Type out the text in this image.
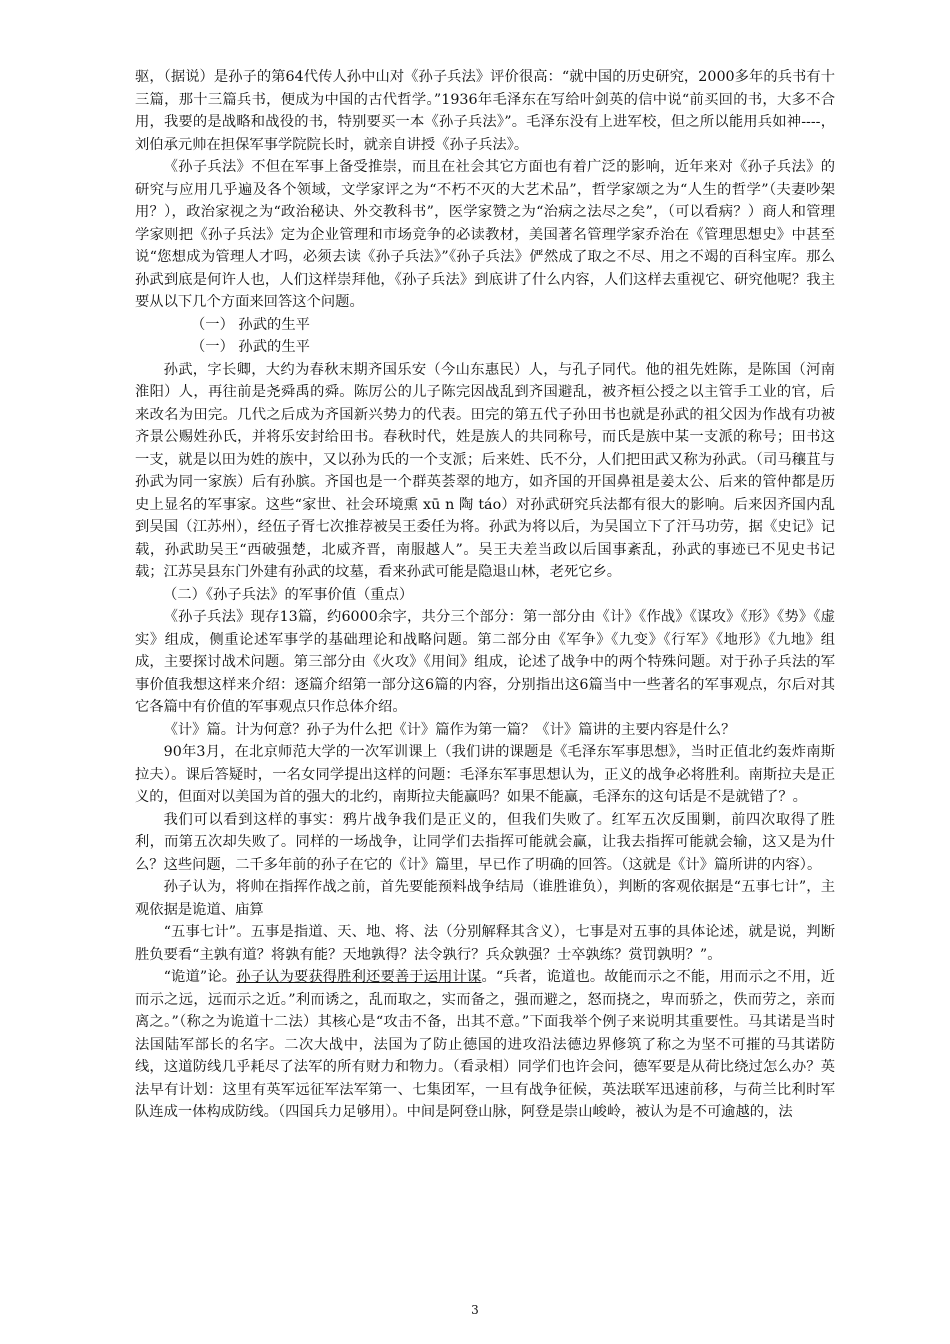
驱，（据说）是孙子的第64代传人孙中山对《孙子兵法》评价很高：“就中国的历史研究，2000多年的兵书有十三篇，那十三篇兵书，便成为中国的古代哲学。”1936年毛泽东在写给叶剑英的信中说“前买回的书，大多不合用，我要的是战略和战役的书，特别要买一本《孙子兵法》”。毛泽东没有上进军校，但之所以能用兵如神----，刘伯承元帅在担保军事学院院长时，就亲自讲授《孙子兵法》。

《孙子兵法》不但在军事上备受推崇，而且在社会其它方面也有着广泛的影响，近年来对《孙子兵法》的研究与应用几乎遍及各个领域，文学家评之为“不朽不灭的大艺术品”，哲学家颂之为“人生的哲学”（夫妻吵架用？），政治家视之为“政治秘诀、外交教科书”，医学家赞之为“治病之法尽之矣”，（可以看病？）商人和管理学家则把《孙子兵法》定为企业管理和市场竞争的必读教材，美国著名管理学家乔治在《管理思想史》中甚至说“您想成为管理人才吗，必须去读《孙子兵法》”《孙子兵法》俨然成了取之不尽、用之不竭的百科宝库。那么孙武到底是何许人也，人们这样崇拜他，《孙子兵法》到底讲了什么内容，人们这样去重视它、研究他呢？我主要从以下几个方面来回答这个问题。

（一） 孙武的生平

（一） 孙武的生平

孙武，字长卿，大约为春秋末期齐国乐安（今山东惠民）人，与孔子同代。他的祖先姓陈，是陈国（河南淮阳）人，再往前是尧舜禹的舜。陈厉公的儿子陈完因战乱到齐国避乱，被齐桓公授之以主管手工业的官，后来改名为田完。几代之后成为齐国新兴势力的代表。田完的第五代子孙田书也就是孙武的祖父因为作战有功被齐景公赐姓孙氏，并将乐安封给田书。春秋时代，姓是族人的共同称号，而氏是族中某一支派的称号；田书这一支，就是以田为姓的族中，又以孙为氏的一个支派；后来姓、氏不分，人们把田武又称为孙武。（司马穰苴与孙武为同一家族）后有孙膑。齐国也是一个群英荟翠的地方，如齐国的开国鼻祖是姜太公、后来的管仲都是历史上显名的军事家。这些“家世、社会环境熏 xū n 陶 táo）对孙武研究兵法都有很大的影响。后来因齐国内乱到吴国（江苏州），经伍子胥七次推荐被吴王委任为将。孙武为将以后，为吴国立下了汗马功劳，据《史记》记载，孙武助吴王“西破强楚，北威齐晋，南服越人”。吴王夫差当政以后国事紊乱，孙武的事迹已不见史书记载；江苏吴县东门外建有孙武的坟墓，看来孙武可能是隐退山林，老死它乡。

（二）《孙子兵法》的军事价值（重点）

《孙子兵法》现存13篇，约6000余字，共分三个部分：第一部分由《计》《作战》《谋攻》《形》《势》《虚实》组成，侧重论述军事学的基础理论和战略问题。第二部分由《军争》《九变》《行军》《地形》《九地》组成，主要探讨战术问题。第三部分由《火攻》《用间》组成，论述了战争中的两个特殊问题。对于孙子兵法的军事价值我想这样来介绍：逐篇介绍第一部分这6篇的内容，分别指出这6篇当中一些著名的军事观点，尔后对其它各篇中有价值的军事观点只作总体介绍。

《计》篇。计为何意？孙子为什么把《计》篇作为第一篇？《计》篇讲的主要内容是什么？

90年3月，在北京师范大学的一次军训课上（我们讲的课题是《毛泽东军事思想》，当时正值北约轰炸南斯拉夫）。课后答疑时，一名女同学提出这样的问题：毛泽东军事思想认为，正义的战争必将胜利。南斯拉夫是正义的，但面对以美国为首的强大的北约，南斯拉夫能赢吗？如果不能赢，毛泽东的这句话是不是就错了？。

我们可以看到这样的事实：鸦片战争我们是正义的，但我们失败了。红军五次反围剿，前四次取得了胜利，而第五次却失败了。同样的一场战争，让同学们去指挥可能就会赢，让我去指挥可能就会输，这又是为什么？这些问题，二千多年前的孙子在它的《计》篇里，早已作了明确的回答。（这就是《计》篇所讲的内容）。

孙子认为，将帅在指挥作战之前，首先要能预料战争结局（谁胜谁负），判断的客观依据是“五事七计”，主观依据是诡道、庙算

“五事七计”。五事是指道、天、地、将、法（分别解释其含义），七事是对五事的具体论述，就是说，判断胜负要看“主孰有道？将孰有能？天地孰得？法令孰行？兵众孰强？士卒孰练？赏罚孰明？”。

“诡道”论。孙子认为要获得胜利还要善于运用计谋。“兵者，诡道也。故能而示之不能，用而示之不用，近而示之远，远而示之近。”利而诱之，乱而取之，实而备之，强而避之，怒而挠之，卑而骄之，佚而劳之，亲而离之。”（称之为诡道十二法）其核心是“攻击不备，出其不意。”下面我举个例子来说明其重要性。马其诺是当时法国陆军部长的名字。二次大战中，法国为了防止德国的进攻沿法德边界修筑了称之为坚不可摧的马其诺防线，这道防线几乎耗尽了法军的所有财力和物力。（看录相）同学们也许会问，德军要是从荷比绕过怎么办？英法早有计划：这里有英军远征军法军第一、七集团军，一旦有战争征候，英法联军迅速前移，与荷兰比利时军队连成一体构成防线。（四国兵力足够用）。中间是阿登山脉，阿登是崇山峻岭，被认为是不可逾越的，法

3
